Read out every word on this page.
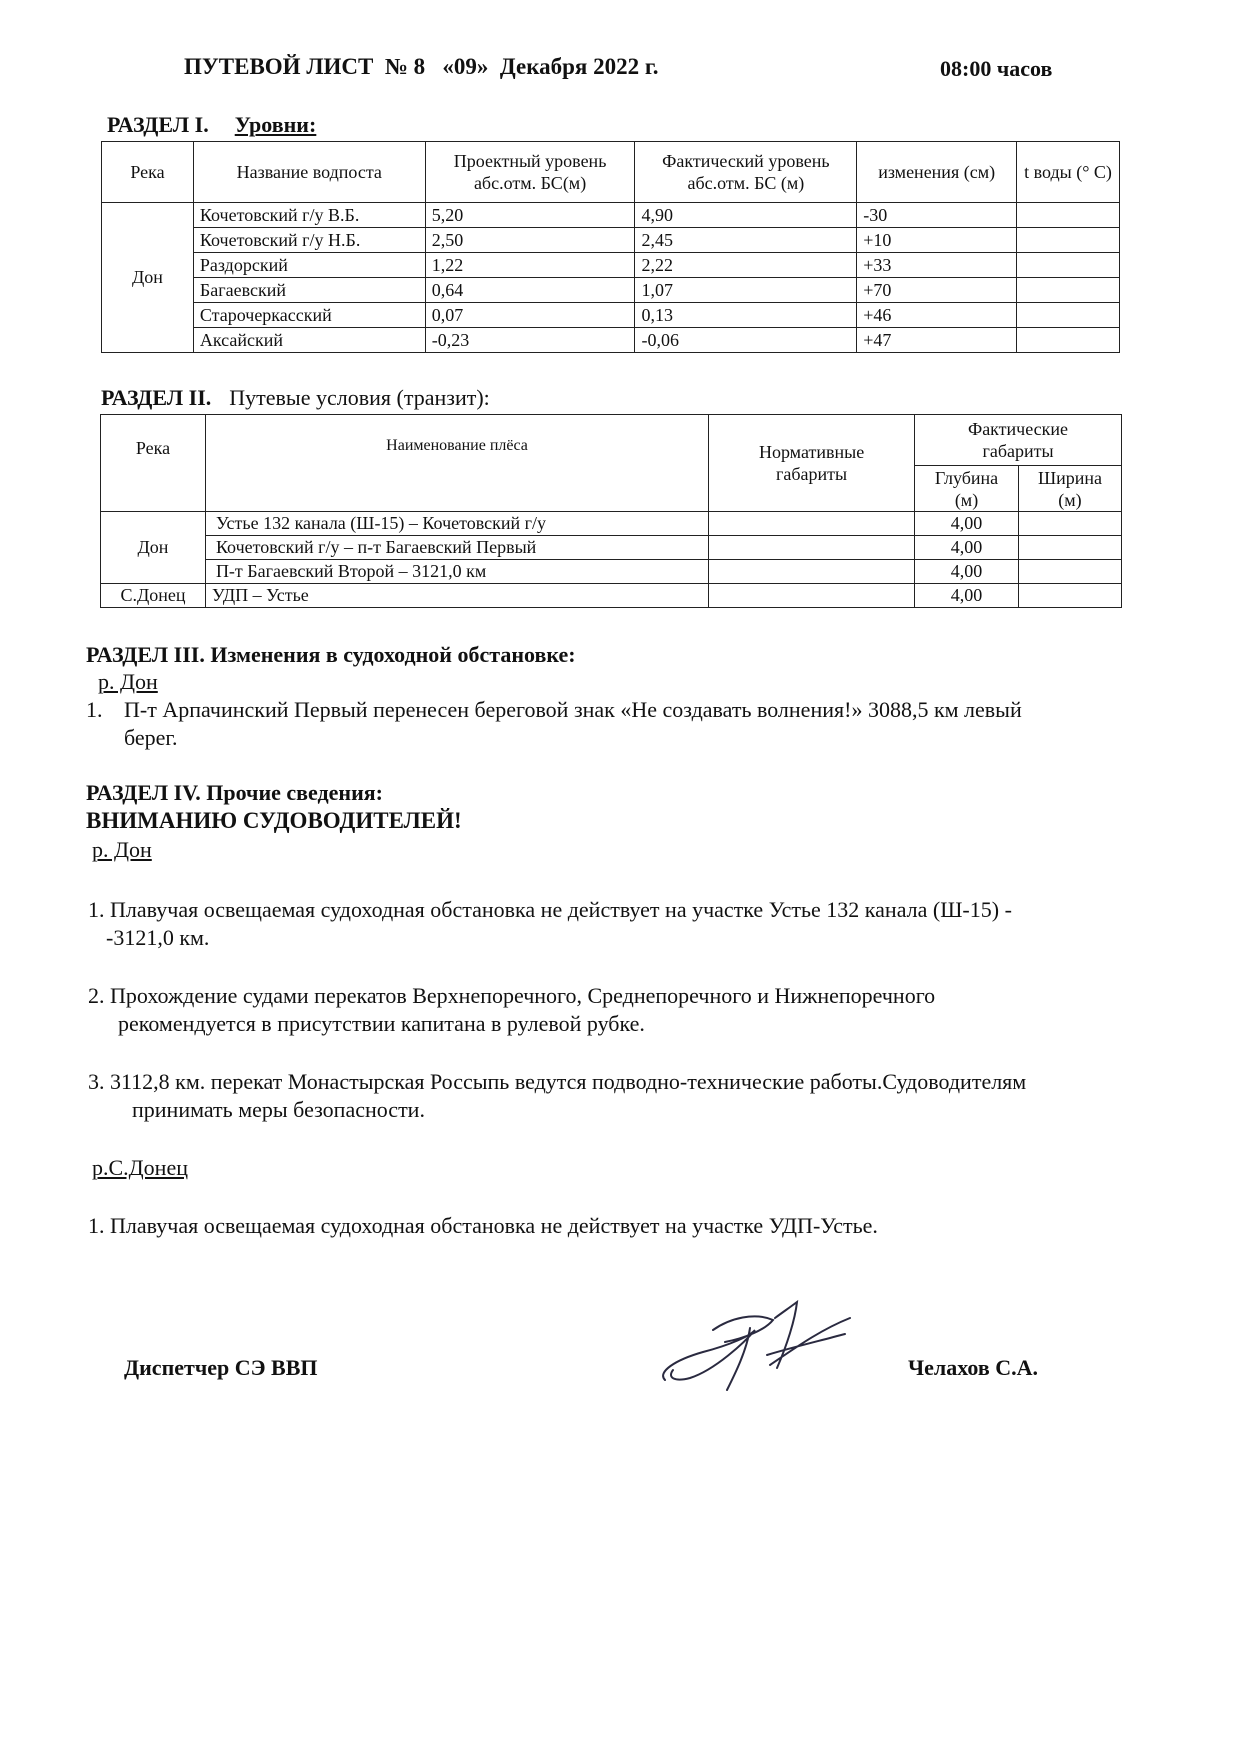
ПУТЕВОЙ ЛИСТ  № 8   «09»  Декабря 2022 г.	08:00 часов
РАЗДЕЛ I. Уровни:
Река	Название водпоста	Проектный уровень абс.отм. БС(м)	Фактический уровень абс.отм. БС (м)	изменения (см)	t воды (° С)
Дон	Кочетовский г/у В.Б.	5,20	4,90	-30	
	Кочетовский г/у Н.Б.	2,50	2,45	+10	
	Раздорский	1,22	2,22	+33	
	Багаевский	0,64	1,07	+70	
	Старочеркасский	0,07	0,13	+46	
	Аксайский	-0,23	-0,06	+47	
РАЗДЕЛ II. Путевые условия (транзит):
Река	Наименование плёса	Нормативные габариты	Фактические габариты	
			Глубина (м)	Ширина (м)
Дон	Устье 132 канала (Ш-15) – Кочетовский г/у		4,00	
	Кочетовский г/у – п-т Багаевский Первый		4,00	
	П-т Багаевский Второй – 3121,0 км		4,00	
С.Донец	УДП – Устье		4,00	
РАЗДЕЛ III. Изменения в судоходной обстановке:
р. Дон
1. П-т Арпачинский Первый перенесен береговой знак «Не создавать волнения!» 3088,5 км левый
берег.
РАЗДЕЛ IV. Прочие сведения:
ВНИМАНИЮ СУДОВОДИТЕЛЕЙ!
р. Дон
1. Плавучая освещаемая судоходная обстановка не действует на участке Устье 132 канала (Ш-15) -
-3121,0 км.
2. Прохождение судами перекатов Верхнепоречного, Среднепоречного и Нижнепоречного
рекомендуется в присутствии капитана в рулевой рубке.
3. 3112,8 км. перекат Монастырская Россыпь ведутся подводно-технические работы.Судоводителям
принимать меры безопасности.
р.С.Донец
1. Плавучая освещаемая судоходная обстановка не действует на участке УДП-Устье.
Диспетчер СЭ ВВП	Челахов С.А.
